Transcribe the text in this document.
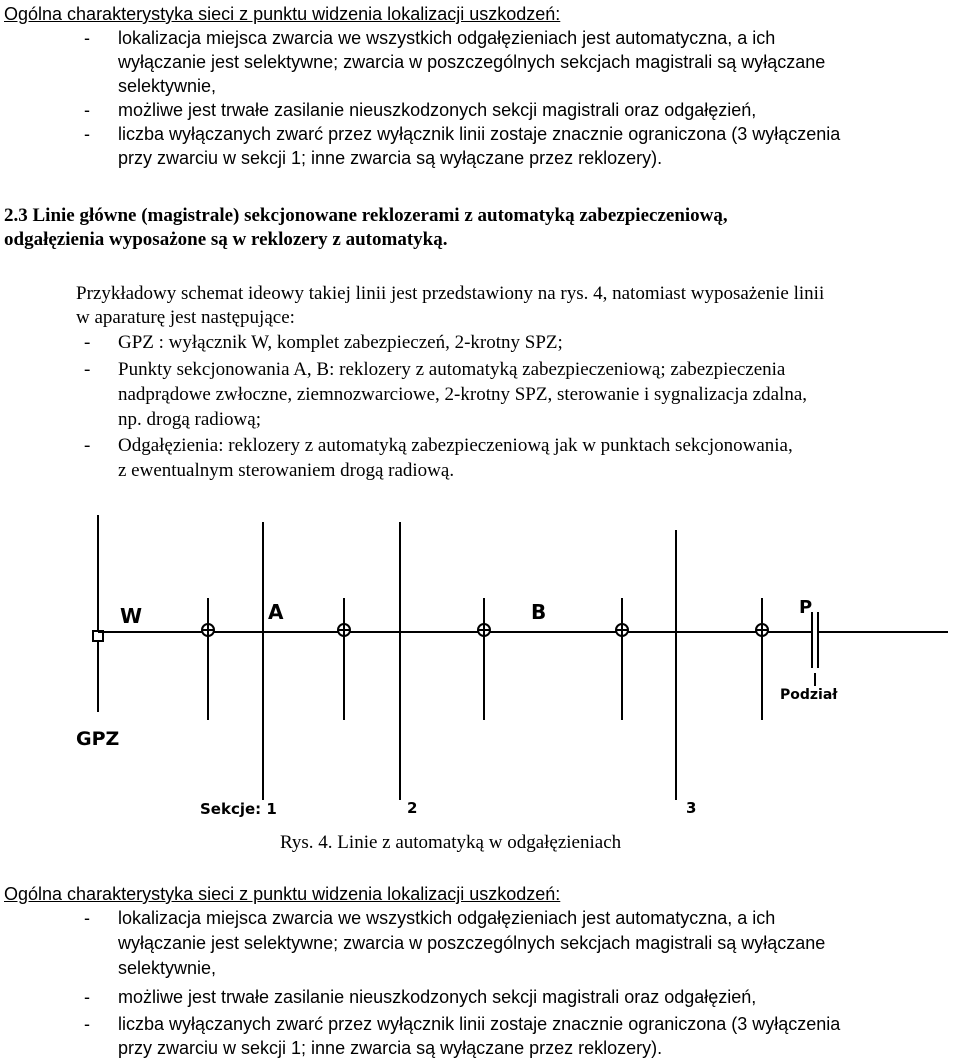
Ogólna charakterystyka sieci z punktu widzenia lokalizacji uszkodzeń:
- lokalizacja miejsca zwarcia we wszystkich odgałęzieniach jest automatyczna, a ich
wyłączanie jest selektywne; zwarcia w poszczególnych sekcjach magistrali są wyłączane
selektywnie,
- możliwe jest trwałe zasilanie nieuszkodzonych sekcji magistrali oraz odgałęzień,
- liczba wyłączanych zwarć przez wyłącznik linii zostaje znacznie ograniczona (3 wyłączenia
przy zwarciu w sekcji 1; inne zwarcia są wyłączane przez reklozery).
2.3 Linie główne (magistrale) sekcjonowane reklozerami z automatyką zabezpieczeniową,
odgałęzienia wyposażone są w reklozery z automatyką.
Przykładowy schemat ideowy takiej linii jest przedstawiony na rys. 4, natomiast wyposażenie linii
w aparaturę jest następujące:
- GPZ : wyłącznik W, komplet zabezpieczeń, 2-krotny SPZ;
- Punkty sekcjonowania A, B: reklozery z automatyką zabezpieczeniową; zabezpieczenia
nadprądowe zwłoczne, ziemnozwarciowe, 2-krotny SPZ, sterowanie i sygnalizacja zdalna,
np. drogą radiową;
- Odgałęzienia: reklozery z automatyką zabezpieczeniową jak w punktach sekcjonowania,
z ewentualnym sterowaniem drogą radiową.
W	A	B	P
Podział
GPZ
Sekcje: 1	2	3
Rys. 4. Linie z automatyką w odgałęzieniach
Ogólna charakterystyka sieci z punktu widzenia lokalizacji uszkodzeń:
- lokalizacja miejsca zwarcia we wszystkich odgałęzieniach jest automatyczna, a ich
wyłączanie jest selektywne; zwarcia w poszczególnych sekcjach magistrali są wyłączane
selektywnie,
- możliwe jest trwałe zasilanie nieuszkodzonych sekcji magistrali oraz odgałęzień,
- liczba wyłączanych zwarć przez wyłącznik linii zostaje znacznie ograniczona (3 wyłączenia
przy zwarciu w sekcji 1; inne zwarcia są wyłączane przez reklozery).
